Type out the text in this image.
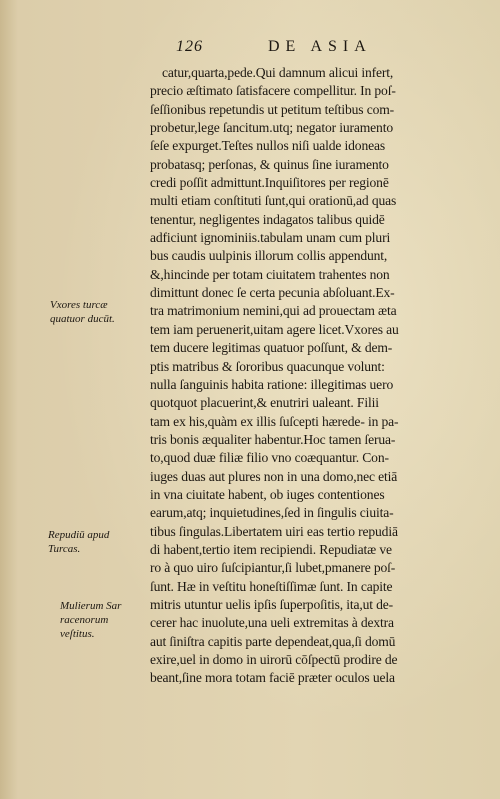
126	DE ASIA
catur,quarta,pede.Qui damnum alicui infert,
precio æſtimato ſatisfacere compellitur. In poſ-
ſeſſionibus repetundis ut petitum teſtibus com-
probetur,lege ſancitum.utq; negator iuramento
ſeſe expurget.Teſtes nullos niſi ualde idoneas
probatasq; perſonas, & quinus ſine iuramento
credi poſſit admittunt.Inquiſitores per regionē
multi etiam conſtituti ſunt,qui orationū,ad quas
tenentur, negligentes indagatos talibus quidē
adficiunt ignominiis.tabulam unam cum pluri
bus caudis uulpinis illorum collis appendunt,
&,hincinde per totam ciuitatem trahentes non
dimittunt donec ſe certa pecunia abſoluant.Ex-
tra matrimonium nemini,qui ad prouectam æta
tem iam peruenerit,uitam agere licet.Vxores au
tem ducere legitimas quatuor poſſunt, & dem-
ptis matribus & ſororibus quacunque volunt:
nulla ſanguinis habita ratione: illegitimas uero
quotquot placuerint,& enutriri ualeant. Filii
tam ex his,quàm ex illis ſuſcepti hærede- in pa-
tris bonis æqualiter habentur.Hoc tamen ſerua-
to,quod duæ filiæ filio vno coæquantur. Con-
iuges duas aut plures non in una domo,nec etiā
in vna ciuitate habent, ob iuges contentiones
earum,atq; inquietudines,ſed in ſingulis ciuita-
tibus ſingulas.Libertatem uiri eas tertio repudiā
di habent,tertio item recipiendi. Repudiatæ ve
ro à quo uiro ſuſcipiantur,ſi lubet,pmanere poſ-
ſunt. Hæ in veſtitu honeſtiſſimæ ſunt. In capite
mitris utuntur uelis ipſis ſuperpoſitis, ita,ut de-
cerer hac inuolute,una ueli extremitas à dextra
aut ſiniſtra capitis parte dependeat,qua,ſi domū
exire,uel in domo in uirorū cōſpectū prodire de
beant,ſine mora totam faciē præter oculos uela
Vxores turcæ
quatuor ducūt.
Repudiū apud
Turcas.
Mulierum Sar
racenorum
veſtitus.
